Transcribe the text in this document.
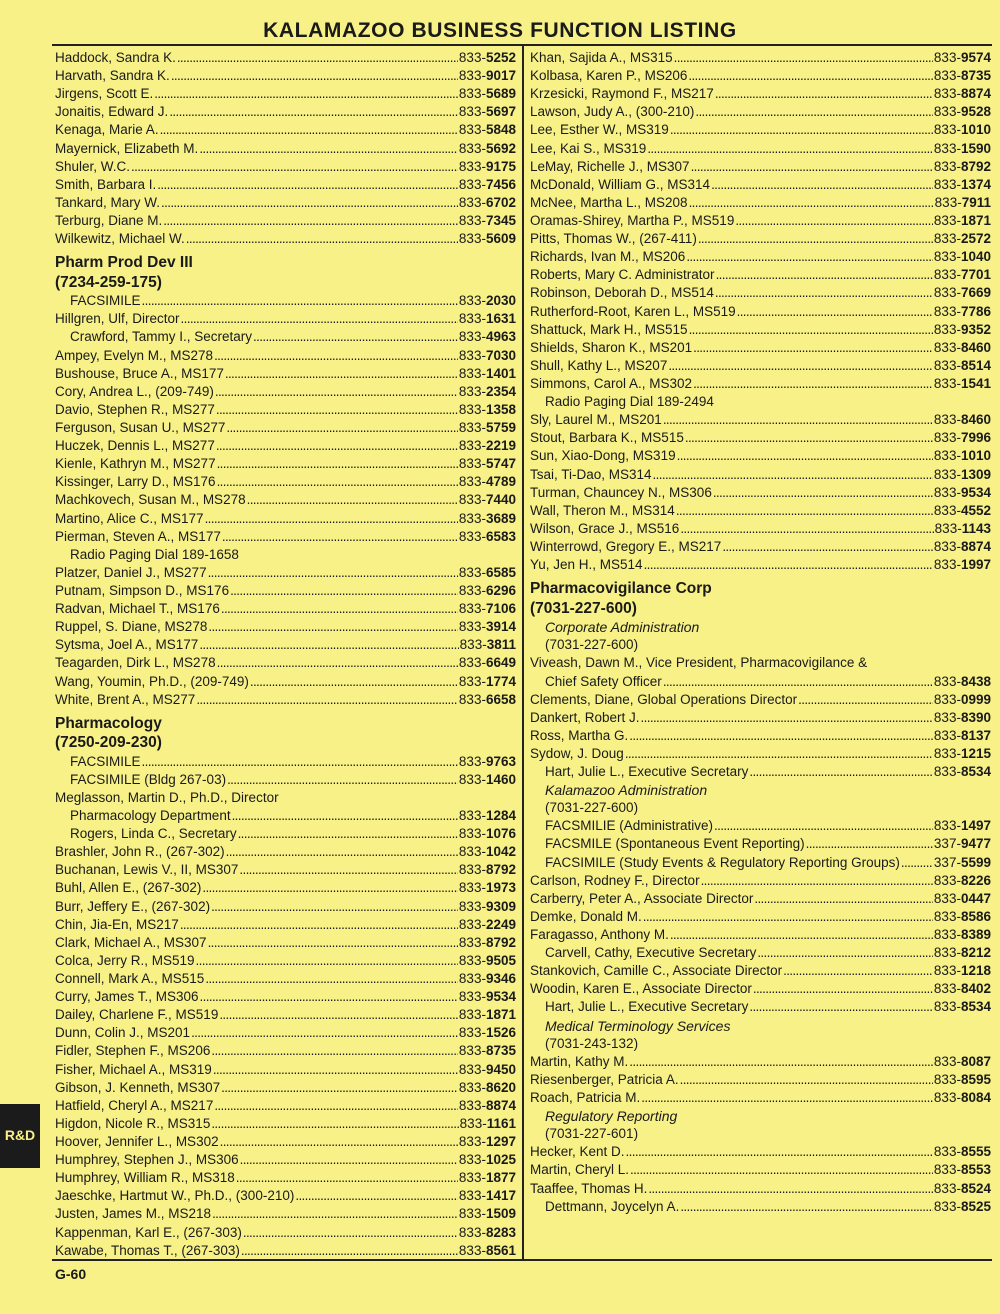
KALAMAZOO BUSINESS FUNCTION LISTING
Haddock, Sandra K. . . .	833-5252
Harvath, Sandra K. . . .	833-9017
Jirgens, Scott E. . . .	833-5689
Jonaitis, Edward J. . . .	833-5697
Kenaga, Marie A. . . .	833-5848
Mayernick, Elizabeth M. . . .	833-5692
Shuler, W.C. . . .	833-9175
Smith, Barbara I. . . .	833-7456
Tankard, Mary W. . . .	833-6702
Terburg, Diane M. . . .	833-7345
Wilkewitz, Michael W. . . .	833-5609
Pharm Prod Dev III
(7234-259-175)
FACSIMILE . . .	833-2030
Hillgren, Ulf, Director . . .	833-1631
Crawford, Tammy I., Secretary . . .	833-4963
Ampey, Evelyn M., MS278 . . .	833-7030
Bushouse, Bruce A., MS177 . . .	833-1401
Cory, Andrea L., (209-749) . . .	833-2354
Davio, Stephen R., MS277 . . .	833-1358
Ferguson, Susan U., MS277 . . .	833-5759
Huczek, Dennis L., MS277 . . .	833-2219
Kienle, Kathryn M., MS277 . . .	833-5747
Kissinger, Larry D., MS176 . . .	833-4789
Machkovech, Susan M., MS278 . . .	833-7440
Martino, Alice C., MS177 . . .	833-3689
Pierman, Steven A., MS177 . . .	833-6583
Radio Paging Dial 189-1658
Platzer, Daniel J., MS277 . . .	833-6585
Putnam, Simpson D., MS176 . . .	833-6296
Radvan, Michael T., MS176 . . .	833-7106
Ruppel, S. Diane, MS278 . . .	833-3914
Sytsma, Joel A., MS177 . . .	833-3811
Teagarden, Dirk L., MS278 . . .	833-6649
Wang, Youmin, Ph.D., (209-749) . . .	833-1774
White, Brent A., MS277 . . .	833-6658
Pharmacology
(7250-209-230)
FACSIMILE . . .	833-9763
FACSIMILE (Bldg 267-03) . . .	833-1460
Meglasson, Martin D., Ph.D., Director
Pharmacology Department . . .	833-1284
Rogers, Linda C., Secretary . . .	833-1076
Brashler, John R., (267-302) . . .	833-1042
Buchanan, Lewis V., II, MS307 . . .	833-8792
Buhl, Allen E., (267-302) . . .	833-1973
Burr, Jeffery E., (267-302) . . .	833-9309
Chin, Jia-En, MS217 . . .	833-2249
Clark, Michael A., MS307 . . .	833-8792
Colca, Jerry R., MS519 . . .	833-9505
Connell, Mark A., MS515 . . .	833-9346
Curry, James T., MS306 . . .	833-9534
Dailey, Charlene F., MS519 . . .	833-1871
Dunn, Colin J., MS201 . . .	833-1526
Fidler, Stephen F., MS206 . . .	833-8735
Fisher, Michael A., MS319 . . .	833-9450
Gibson, J. Kenneth, MS307 . . .	833-8620
Hatfield, Cheryl A., MS217 . . .	833-8874
Higdon, Nicole R., MS315 . . .	833-1161
Hoover, Jennifer L., MS302 . . .	833-1297
Humphrey, Stephen J., MS306 . . .	833-1025
Humphrey, William R., MS318 . . .	833-1877
Jaeschke, Hartmut W., Ph.D., (300-210) . . .	833-1417
Justen, James M., MS218 . . .	833-1509
Kappenman, Karl E., (267-303) . . .	833-8283
Kawabe, Thomas T., (267-303) . . .	833-8561
Khan, Sajida A., MS315 . . .	833-9574
Kolbasa, Karen P., MS206 . . .	833-8735
Krzesicki, Raymond F., MS217 . . .	833-8874
Lawson, Judy A., (300-210) . . .	833-9528
Lee, Esther W., MS319 . . .	833-1010
Lee, Kai S., MS319 . . .	833-1590
LeMay, Richelle J., MS307 . . .	833-8792
McDonald, William G., MS314 . . .	833-1374
McNee, Martha L., MS208 . . .	833-7911
Oramas-Shirey, Martha P., MS519 . . .	833-1871
Pitts, Thomas W., (267-411) . . .	833-2572
Richards, Ivan M., MS206 . . .	833-1040
Roberts, Mary C. Administrator . . .	833-7701
Robinson, Deborah D., MS514 . . .	833-7669
Rutherford-Root, Karen L., MS519 . . .	833-7786
Shattuck, Mark H., MS515 . . .	833-9352
Shields, Sharon K., MS201 . . .	833-8460
Shull, Kathy L., MS207 . . .	833-8514
Simmons, Carol A., MS302 . . .	833-1541
Radio Paging Dial 189-2494
Sly, Laurel M., MS201 . . .	833-8460
Stout, Barbara K., MS515 . . .	833-7996
Sun, Xiao-Dong, MS319 . . .	833-1010
Tsai, Ti-Dao, MS314 . . .	833-1309
Turman, Chauncey N., MS306 . . .	833-9534
Wall, Theron M., MS314 . . .	833-4552
Wilson, Grace J., MS516 . . .	833-1143
Winterrowd, Gregory E., MS217 . . .	833-8874
Yu, Jen H., MS514 . . .	833-1997
Pharmacovigilance Corp
(7031-227-600)
Corporate Administration
(7031-227-600)
Viveash, Dawn M., Vice President, Pharmacovigilance &
Chief Safety Officer . . .	833-8438
Clements, Diane, Global Operations Director . . .	833-0999
Dankert, Robert J. . . .	833-8390
Ross, Martha G. . . .	833-8137
Sydow, J. Doug . . .	833-1215
Hart, Julie L., Executive Secretary . . .	833-8534
Kalamazoo Administration
(7031-227-600)
FACSMILIE (Administrative) . . .	833-1497
FACSMILE (Spontaneous Event Reporting) . . .	337-9477
FACSIMILE (Study Events & Regulatory Reporting Groups) . . .	337-5599
Carlson, Rodney F., Director . . .	833-8226
Carberry, Peter A., Associate Director . . .	833-0447
Demke, Donald M. . . .	833-8586
Faragasso, Anthony M. . . .	833-8389
Carvell, Cathy, Executive Secretary . . .	833-8212
Stankovich, Camille C., Associate Director . . .	833-1218
Woodin, Karen E., Associate Director . . .	833-8402
Hart, Julie L., Executive Secretary . . .	833-8534
Medical Terminology Services
(7031-243-132)
Martin, Kathy M. . . .	833-8087
Riesenberger, Patricia A. . . .	833-8595
Roach, Patricia M. . . .	833-8084
Regulatory Reporting
(7031-227-601)
Hecker, Kent D. . . .	833-8555
Martin, Cheryl L. . . .	833-8553
Taaffee, Thomas H. . . .	833-8524
Dettmann, Joycelyn A. . . .	833-8525
R&D
G-60
